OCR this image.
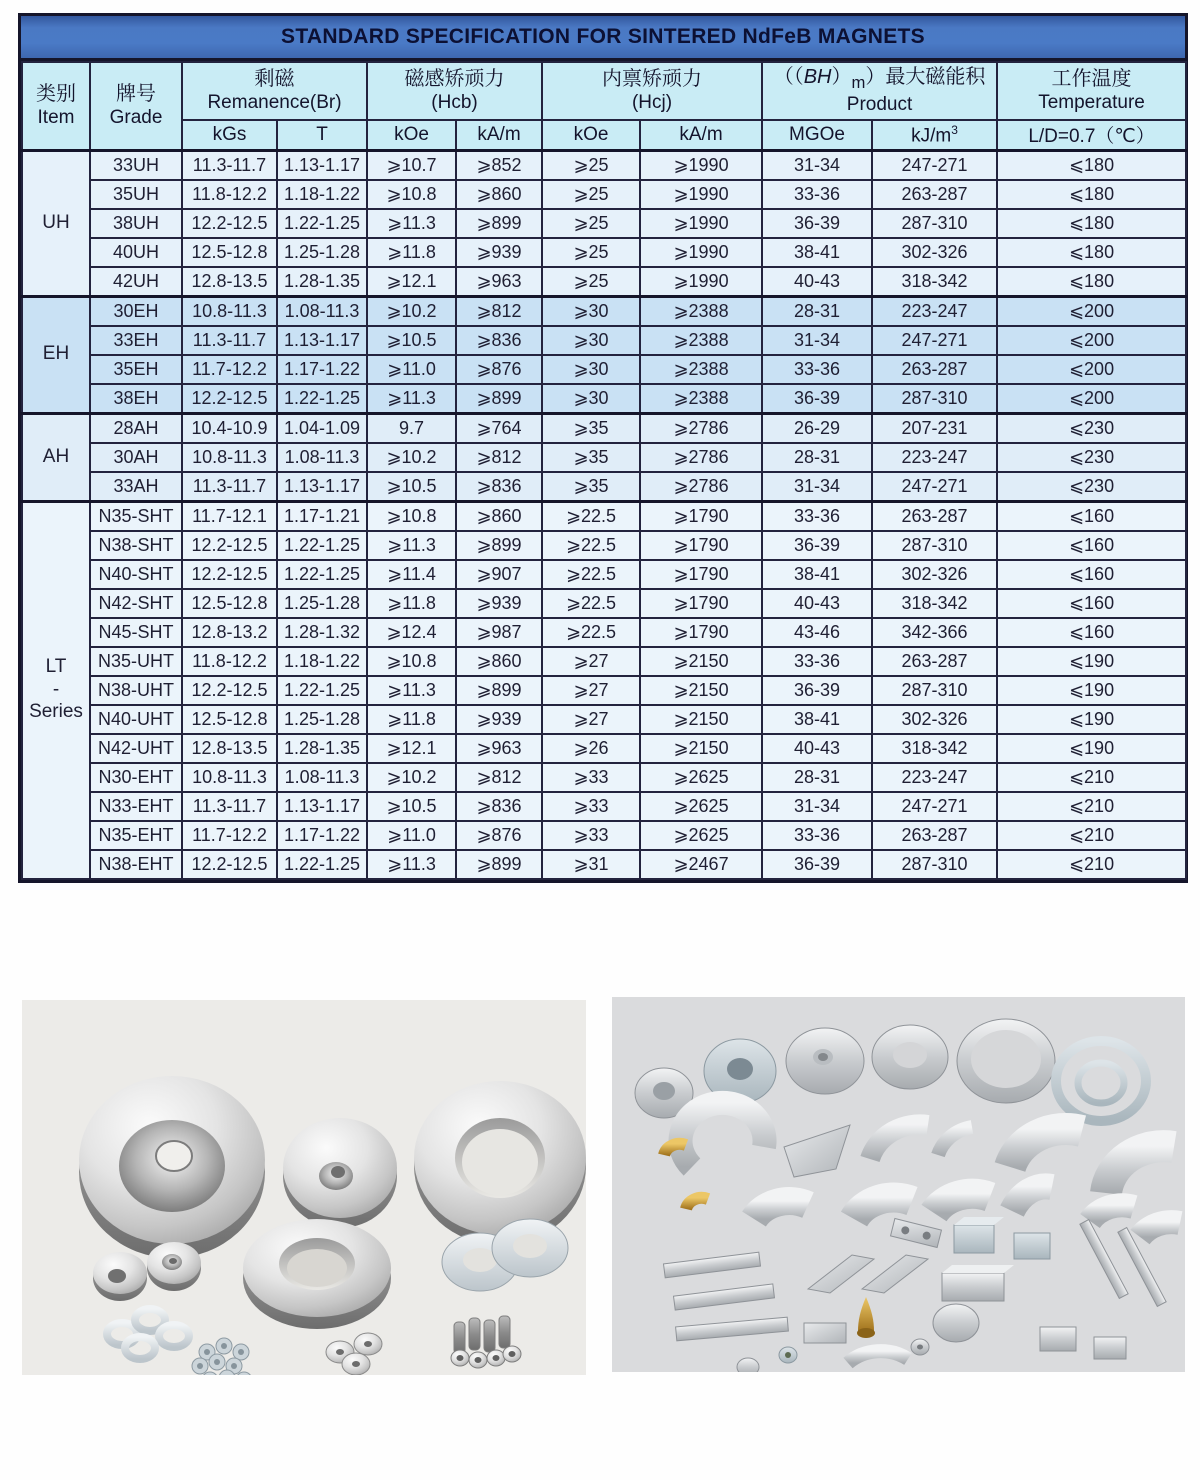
STANDARD SPECIFICATION FOR SINTERED NdFeB MAGNETS
类别
Item

牌号
Grade

剩磁
Remanence(Br)

磁感矫顽力
(Hcb)

内禀矫顽力
(Hcj)

$((BH)_m)$最大磁能积
Product

工作温度
Temperature

		kGs	T	kOe	kA/m	kOe	kA/m	MGOe	$kJ/m^3$	L/D=0.7（℃）

UH	33UH	11.3-11.7	1.13-1.17	⩾10.7	⩾852	⩾25	⩾1990	31-34	247-271	⩽180
	35UH	11.8-12.2	1.18-1.22	⩾10.8	⩾860	⩾25	⩾1990	33-36	263-287	⩽180
	38UH	12.2-12.5	1.22-1.25	⩾11.3	⩾899	⩾25	⩾1990	36-39	287-310	⩽180
	40UH	12.5-12.8	1.25-1.28	⩾11.8	⩾939	⩾25	⩾1990	38-41	302-326	⩽180
	42UH	12.8-13.5	1.28-1.35	⩾12.1	⩾963	⩾25	⩾1990	40-43	318-342	⩽180

EH	30EH	10.8-11.3	1.08-11.3	⩾10.2	⩾812	⩾30	⩾2388	28-31	223-247	⩽200
	33EH	11.3-11.7	1.13-1.17	⩾10.5	⩾836	⩾30	⩾2388	31-34	247-271	⩽200
	35EH	11.7-12.2	1.17-1.22	⩾11.0	⩾876	⩾30	⩾2388	33-36	263-287	⩽200
	38EH	12.2-12.5	1.22-1.25	⩾11.3	⩾899	⩾30	⩾2388	36-39	287-310	⩽200

AH	28AH	10.4-10.9	1.04-1.09	9.7	⩾764	⩾35	⩾2786	26-29	207-231	⩽230
	30AH	10.8-11.3	1.08-11.3	⩾10.2	⩾812	⩾35	⩾2786	28-31	223-247	⩽230
	33AH	11.3-11.7	1.13-1.17	⩾10.5	⩾836	⩾35	⩾2786	31-34	247-271	⩽230

LT
-
Series	N35-SHT	11.7-12.1	1.17-1.21	⩾10.8	⩾860	⩾22.5	⩾1790	33-36	263-287	⩽160
	N38-SHT	12.2-12.5	1.22-1.25	⩾11.3	⩾899	⩾22.5	⩾1790	36-39	287-310	⩽160
	N40-SHT	12.2-12.5	1.22-1.25	⩾11.4	⩾907	⩾22.5	⩾1790	38-41	302-326	⩽160
	N42-SHT	12.5-12.8	1.25-1.28	⩾11.8	⩾939	⩾22.5	⩾1790	40-43	318-342	⩽160
	N45-SHT	12.8-13.2	1.28-1.32	⩾12.4	⩾987	⩾22.5	⩾1790	43-46	342-366	⩽160
	N35-UHT	11.8-12.2	1.18-1.22	⩾10.8	⩾860	⩾27	⩾2150	33-36	263-287	⩽190
	N38-UHT	12.2-12.5	1.22-1.25	⩾11.3	⩾899	⩾27	⩾2150	36-39	287-310	⩽190
	N40-UHT	12.5-12.8	1.25-1.28	⩾11.8	⩾939	⩾27	⩾2150	38-41	302-326	⩽190
	N42-UHT	12.8-13.5	1.28-1.35	⩾12.1	⩾963	⩾26	⩾2150	40-43	318-342	⩽190
	N30-EHT	10.8-11.3	1.08-11.3	⩾10.2	⩾812	⩾33	⩾2625	28-31	223-247	⩽210
	N33-EHT	11.3-11.7	1.13-1.17	⩾10.5	⩾836	⩾33	⩾2625	31-34	247-271	⩽210
	N35-EHT	11.7-12.2	1.17-1.22	⩾11.0	⩾876	⩾33	⩾2625	33-36	263-287	⩽210
	N38-EHT	12.2-12.5	1.22-1.25	⩾11.3	⩾899	⩾31	⩾2467	36-39	287-310	⩽210
